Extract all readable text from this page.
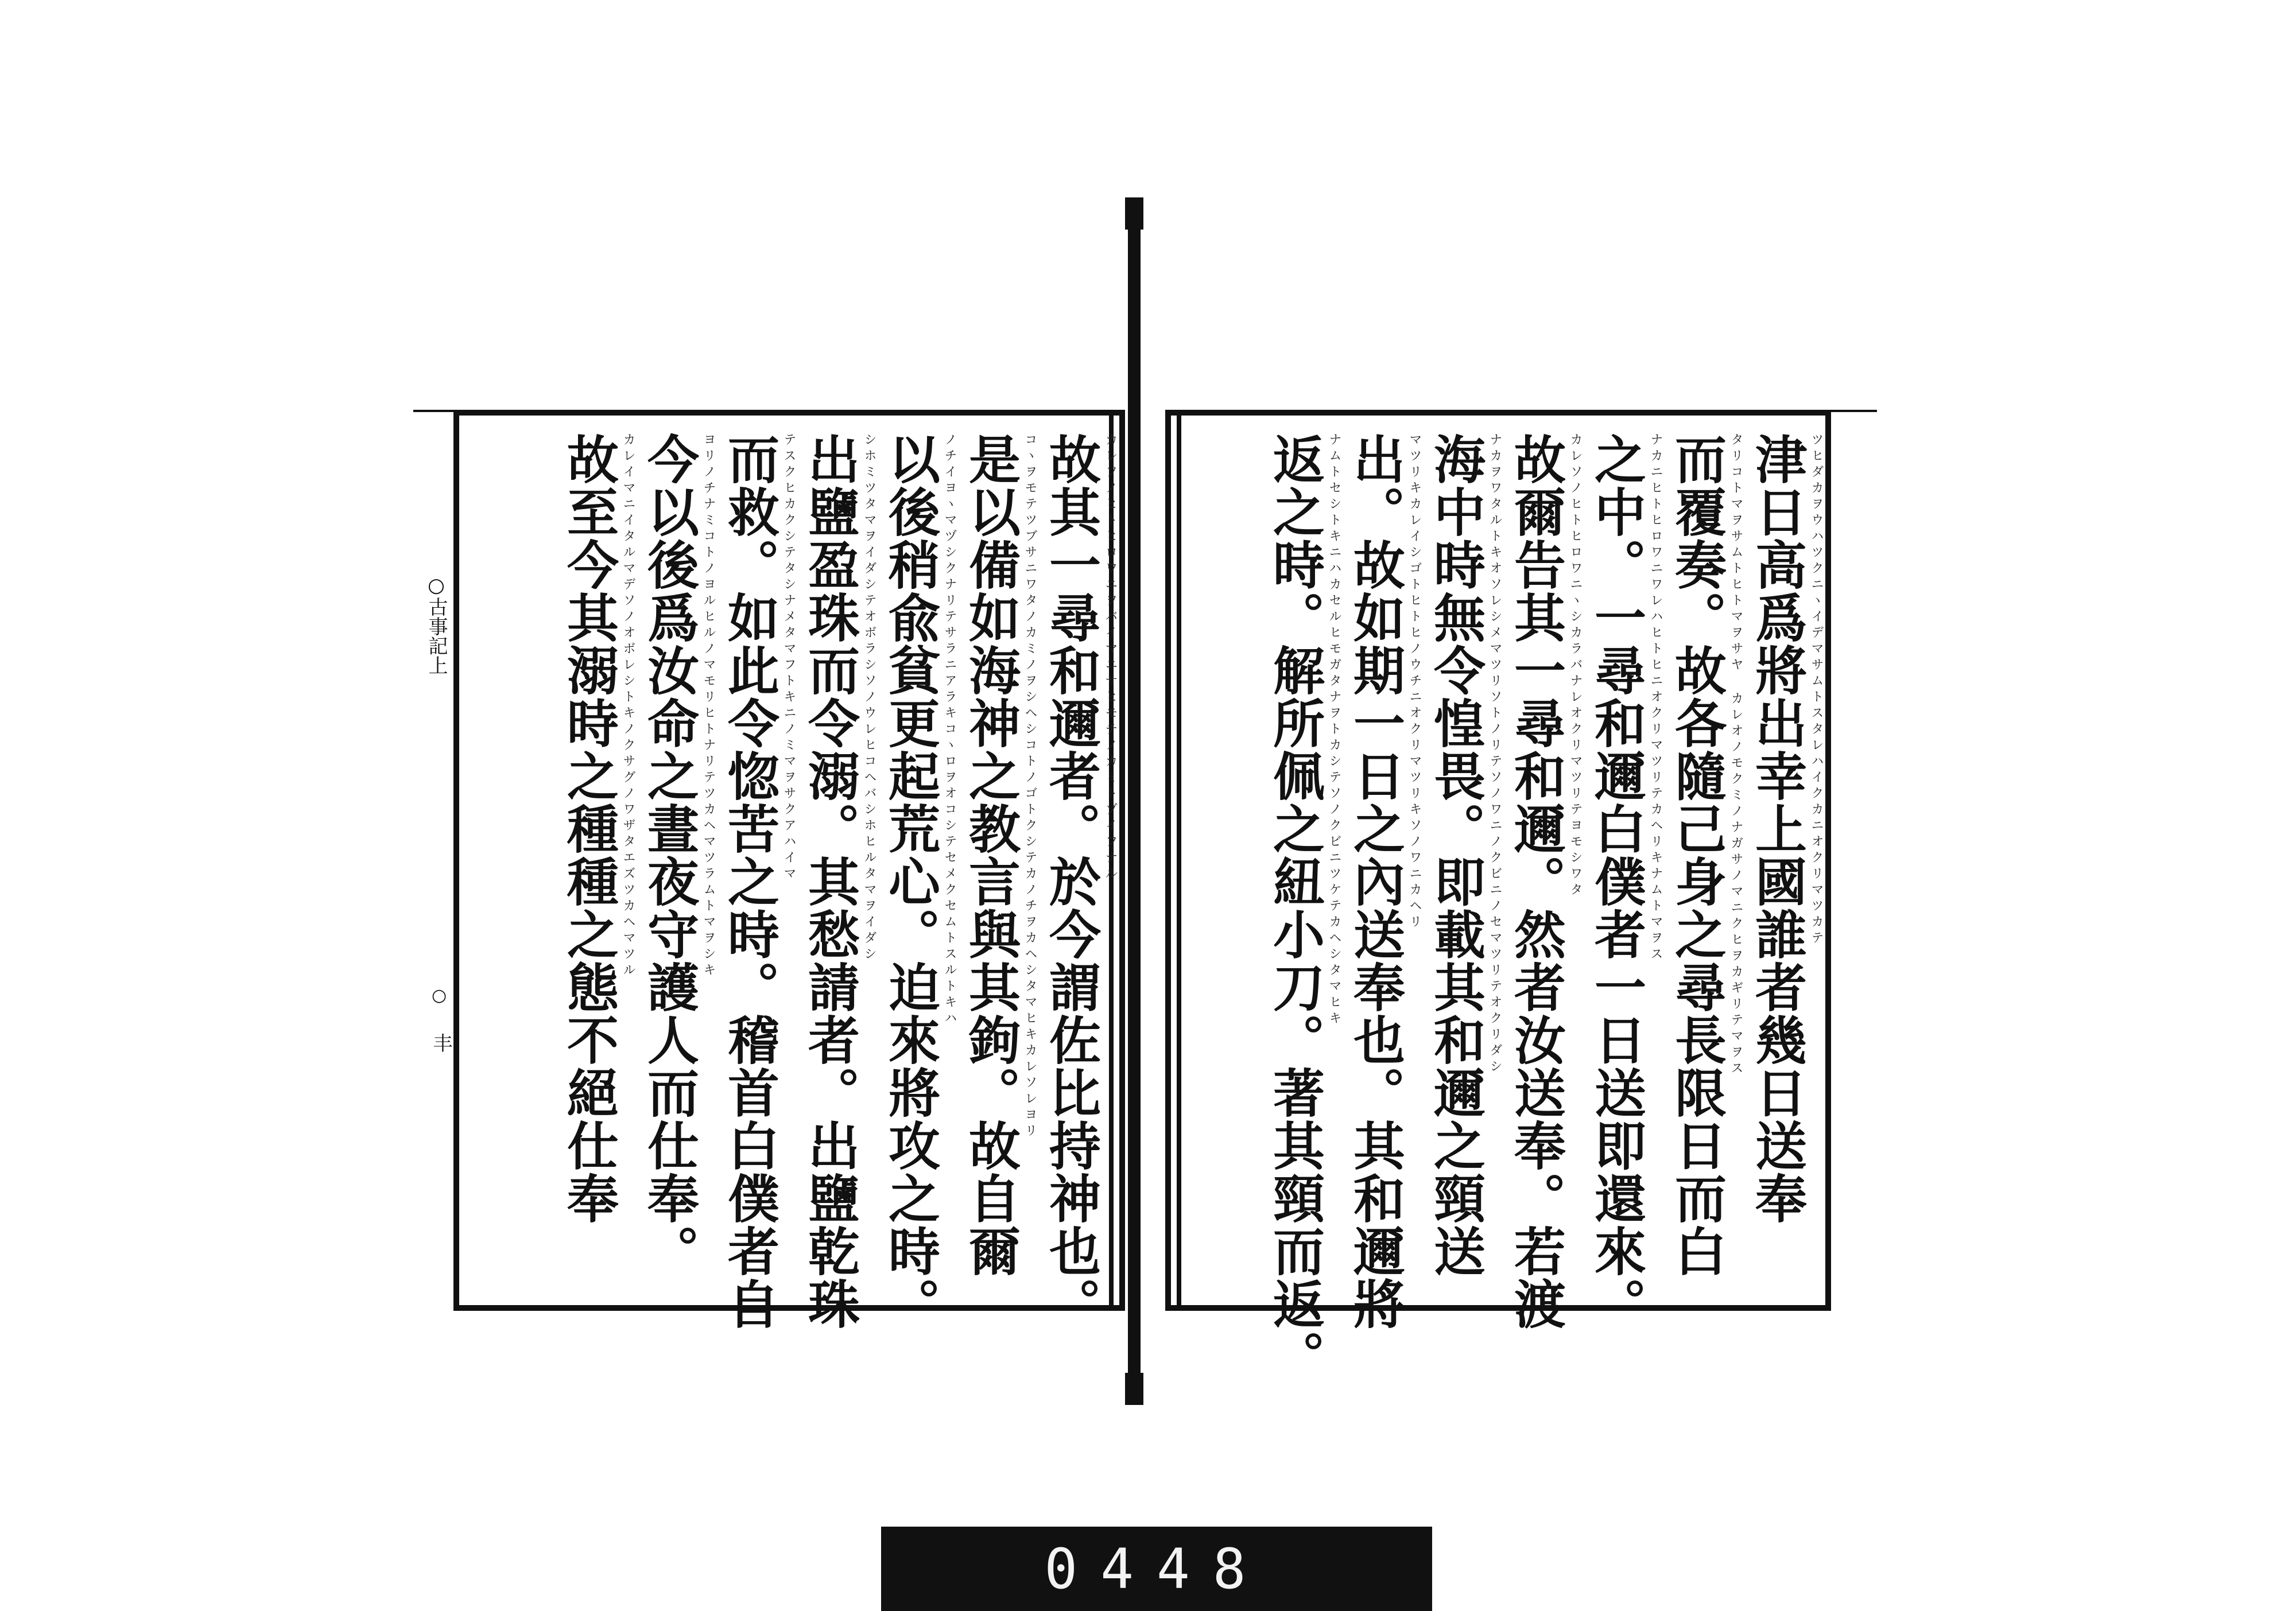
○古事記上
○
丰	故其一尋和邇者。於今謂佐比持神也。 カレソノヒトヒロワニヲバイマニサヒモチノカミトゾイフナル
是以備如海神之教言與其鉤。故自爾 コヽヲモテツブサニワタノカミノヲシヘシコトノゴトクシテカノチヲカヘシタマヒキカレソレヨリ
以後稍兪貧更起荒心。迫來將攻之時。 ノチイヨヽマヅシクナリテサラニアラキコヽロヲオコシテセメクセムトスルトキハ
出鹽盈珠而令溺。其愁請者。出鹽乾珠 シホミツタマヲイダシテオボラシソノウレヒコヘバシホヒルタマヲイダシ
而救。如此令惚苦之時。稽首白僕者自 テスクヒカクシテタシナメタマフトキニノミマヲサクアハイマ
今以後爲汝命之晝夜守護人而仕奉。 ヨリノチナミコトノヨルヒルノマモリヒトナリテツカヘマツラムトマヲシキ
故至今其溺時之種種之態不絕仕奉 カレイマニイタルマデソノオボレシトキノクサグノワザタエズツカヘマツル	津日高爲將出幸上國誰者幾日送奉 ツヒダカヲウハツクニヽイデマサムトスタレハイクカニオクリマツカテ
而覆奏。故各隨己身之尋長限日而白 タリコトマヲサムトヒトマヲサヤ カレオノモクミノナガサノマニクヒヲカギリテマヲス
之中。一尋和邇白僕者一日送即還來。 ナカニヒトヒロワニワレハヒトヒニオクリマツリテカヘリキナムトマヲス
故爾告其一尋和邇。然者汝送奉。若渡 カレソノヒトヒロワニヽシカラバナレオクリマツリテヨモシワタ
海中時無令惶畏。即載其和邇之頸送 ナカヲワタルトキオソレシメマツリソトノリテソノワニノクビニノセマツリテオクリダシ
出。故如期一日之內送奉也。其和邇將 マツリキカレイシゴトヒトヒノウチニオクリマツリキソノワニカヘリ
返之時。解所佩之紐小刀。著其頸而返。 ナムトセシトキニハカセルヒモガタナヲトカシテソノクビニツケテカヘシタマヒキ
0448
